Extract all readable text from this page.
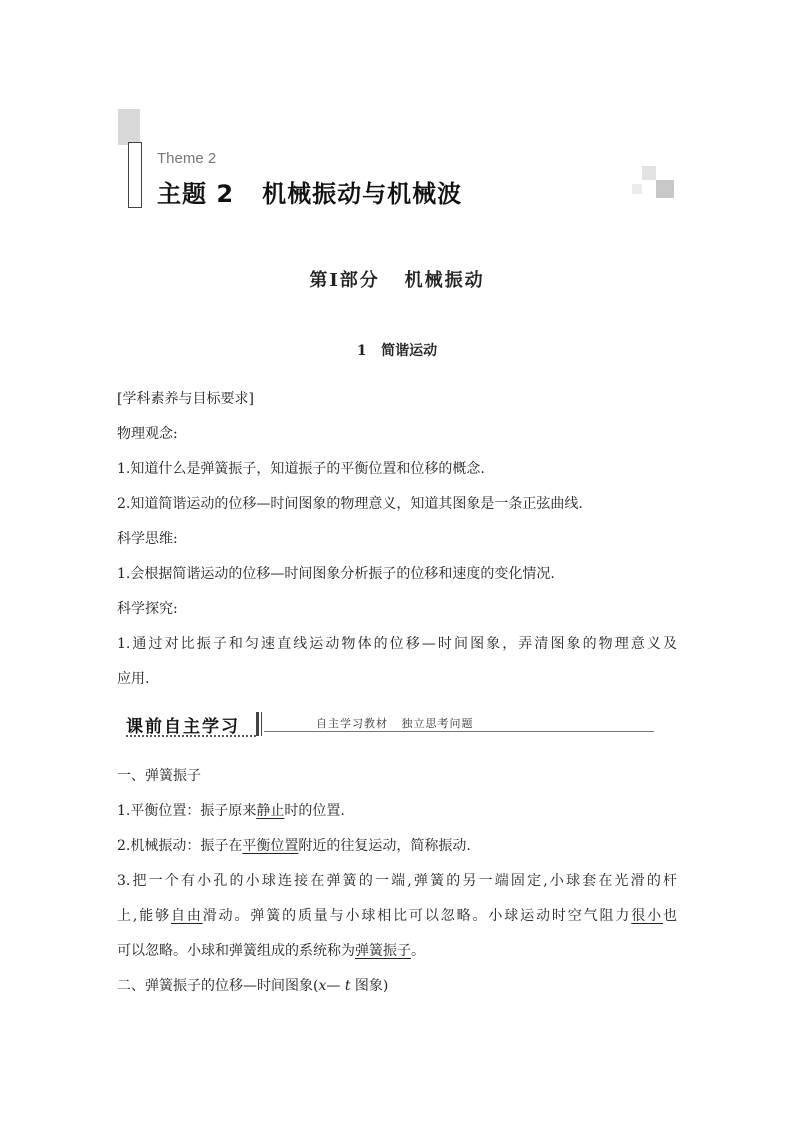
Theme 2
主题 2   机械振动与机械波
第Ⅰ部分   机械振动
1   简谐运动
[学科素养与目标要求]
物理观念:
1.知道什么是弹簧振子，知道振子的平衡位置和位移的概念.
2.知道简谐运动的位移—时间图象的物理意义，知道其图象是一条正弦曲线.
科学思维:
1.会根据简谐运动的位移—时间图象分析振子的位移和速度的变化情况.
科学探究:
1.通过对比振子和匀速直线运动物体的位移—时间图象，弄清图象的物理意义及
应用.
课前自主学习	自主学习教材   独立思考问题
一、弹簧振子
1.平衡位置：振子原来静止时的位置.
2.机械振动：振子在平衡位置附近的往复运动，简称振动.
3.把一个有小孔的小球连接在弹簧的一端,弹簧的另一端固定,小球套在光滑的杆
上,能够自由滑动。弹簧的质量与小球相比可以忽略。小球运动时空气阻力很小也
可以忽略。小球和弹簧组成的系统称为弹簧振子。
二、弹簧振子的位移—时间图象(x— t 图象)
